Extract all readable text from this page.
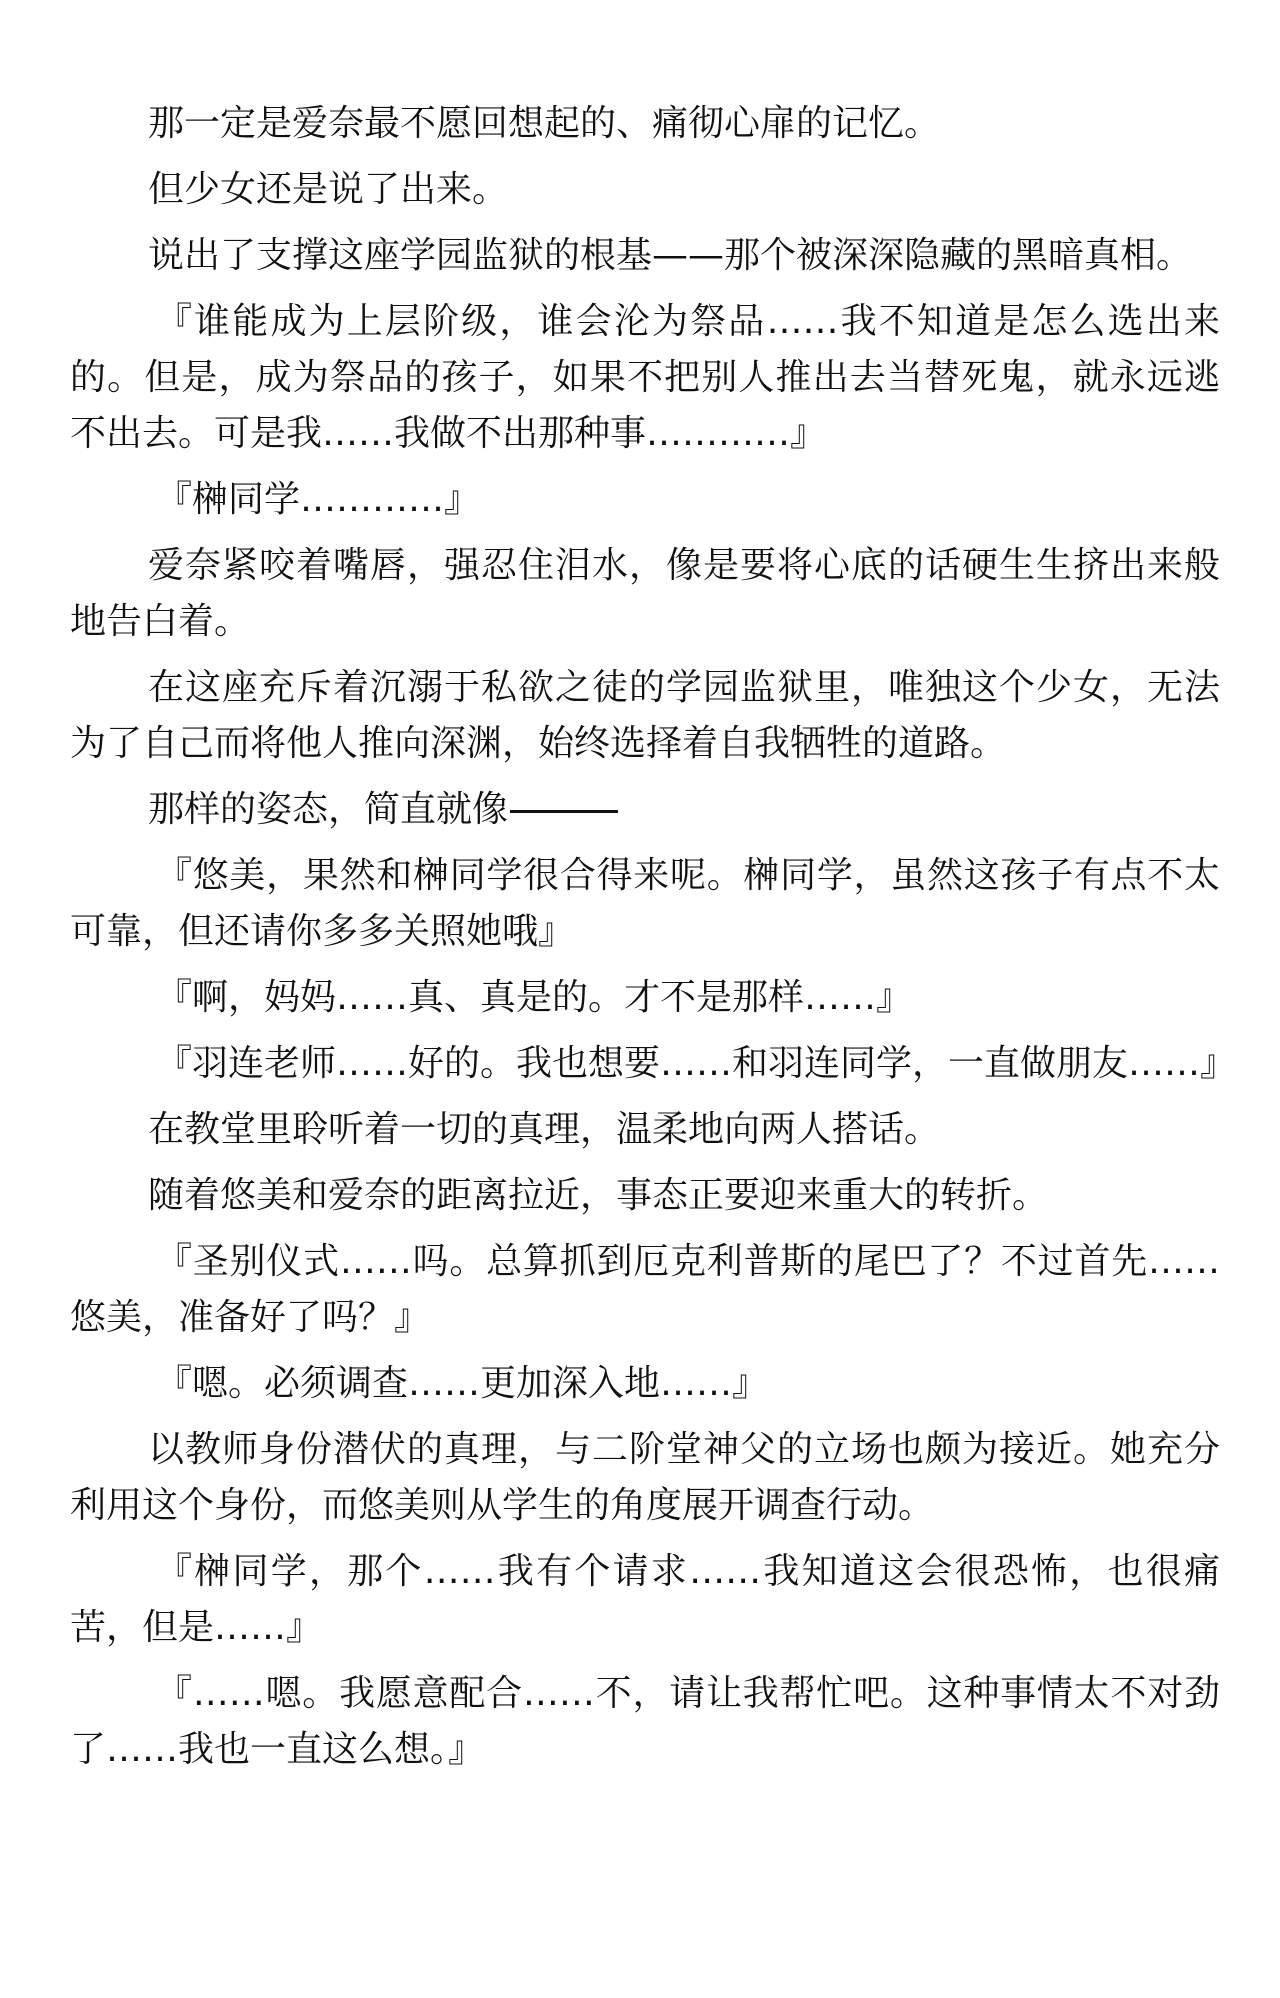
那一定是爱奈最不愿回想起的、痛彻心扉的记忆。

但少女还是说了出来。

说出了支撑这座学园监狱的根基——那个被深深隐藏的黑暗真相。

『谁能成为上层阶级，谁会沦为祭品……我不知道是怎么选出来的。但是，成为祭品的孩子，如果不把别人推出去当替死鬼，就永远逃不出去。可是我……我做不出那种事…………』

『榊同学…………』

爱奈紧咬着嘴唇，强忍住泪水，像是要将心底的话硬生生挤出来般地告白着。

在这座充斥着沉溺于私欲之徒的学园监狱里，唯独这个少女，无法为了自己而将他人推向深渊，始终选择着自我牺牲的道路。

那样的姿态，简直就像

『悠美，果然和榊同学很合得来呢。榊同学，虽然这孩子有点不太可靠，但还请你多多关照她哦』

『啊，妈妈……真、真是的。才不是那样……』

『羽连老师……好的。我也想要……和羽连同学，一直做朋友……』

在教堂里聆听着一切的真理，温柔地向两人搭话。

随着悠美和爱奈的距离拉近，事态正要迎来重大的转折。

『圣别仪式……吗。总算抓到厄克利普斯的尾巴了？不过首先……悠美，准备好了吗？』

『嗯。必须调查……更加深入地……』

以教师身份潜伏的真理，与二阶堂神父的立场也颇为接近。她充分利用这个身份，而悠美则从学生的角度展开调查行动。

『榊同学，那个……我有个请求……我知道这会很恐怖，也很痛苦，但是……』

『……嗯。我愿意配合……不，请让我帮忙吧。这种事情太不对劲了……我也一直这么想。』
